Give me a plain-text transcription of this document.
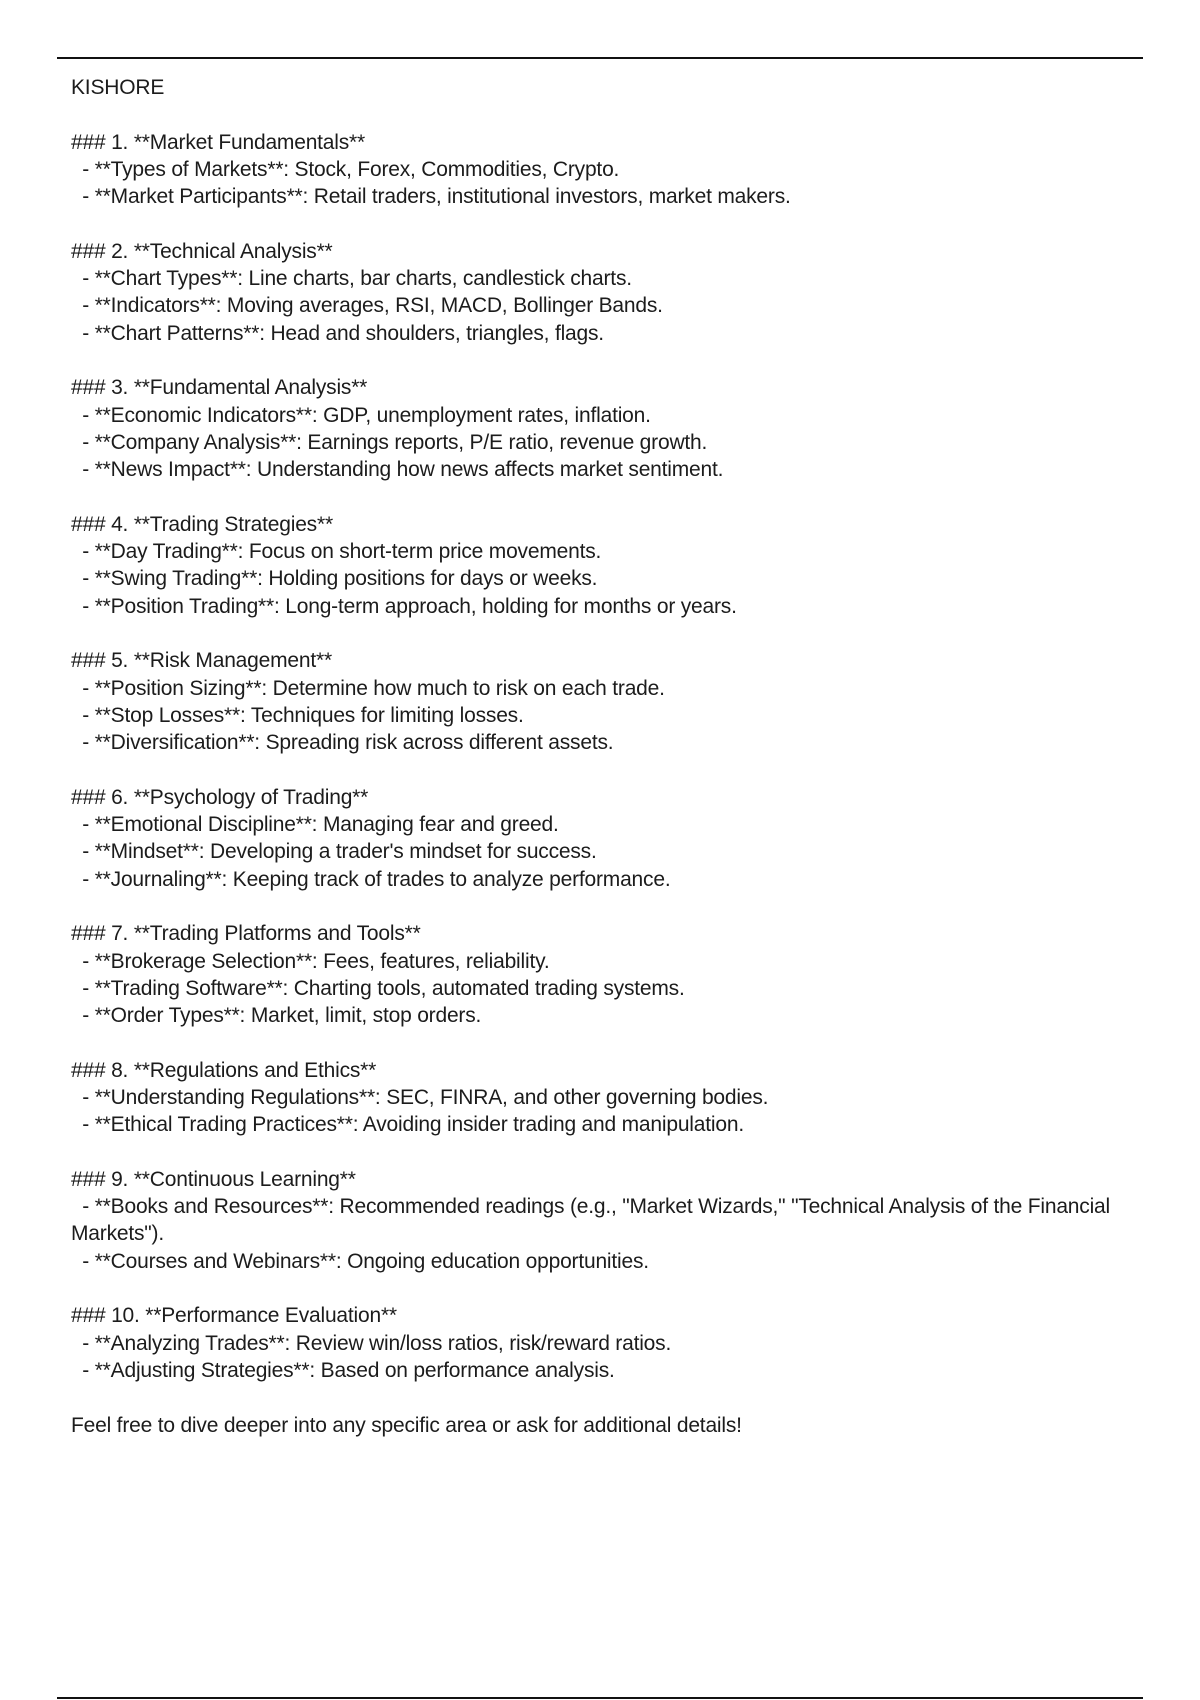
KISHORE

### 1. **Market Fundamentals**

- **Types of Markets**: Stock, Forex, Commodities, Crypto.

- **Market Participants**: Retail traders, institutional investors, market makers.

### 2. **Technical Analysis**

- **Chart Types**: Line charts, bar charts, candlestick charts.

- **Indicators**: Moving averages, RSI, MACD, Bollinger Bands.

- **Chart Patterns**: Head and shoulders, triangles, flags.

### 3. **Fundamental Analysis**

- **Economic Indicators**: GDP, unemployment rates, inflation.

- **Company Analysis**: Earnings reports, P/E ratio, revenue growth.

- **News Impact**: Understanding how news affects market sentiment.

### 4. **Trading Strategies**

- **Day Trading**: Focus on short-term price movements.

- **Swing Trading**: Holding positions for days or weeks.

- **Position Trading**: Long-term approach, holding for months or years.

### 5. **Risk Management**

- **Position Sizing**: Determine how much to risk on each trade.

- **Stop Losses**: Techniques for limiting losses.

- **Diversification**: Spreading risk across different assets.

### 6. **Psychology of Trading**

- **Emotional Discipline**: Managing fear and greed.

- **Mindset**: Developing a trader's mindset for success.

- **Journaling**: Keeping track of trades to analyze performance.

### 7. **Trading Platforms and Tools**

- **Brokerage Selection**: Fees, features, reliability.

- **Trading Software**: Charting tools, automated trading systems.

- **Order Types**: Market, limit, stop orders.

### 8. **Regulations and Ethics**

- **Understanding Regulations**: SEC, FINRA, and other governing bodies.

- **Ethical Trading Practices**: Avoiding insider trading and manipulation.

### 9. **Continuous Learning**

- **Books and Resources**: Recommended readings (e.g., "Market Wizards," "Technical Analysis of the Financial Markets").

- **Courses and Webinars**: Ongoing education opportunities.

### 10. **Performance Evaluation**

- **Analyzing Trades**: Review win/loss ratios, risk/reward ratios.

- **Adjusting Strategies**: Based on performance analysis.

Feel free to dive deeper into any specific area or ask for additional details!
